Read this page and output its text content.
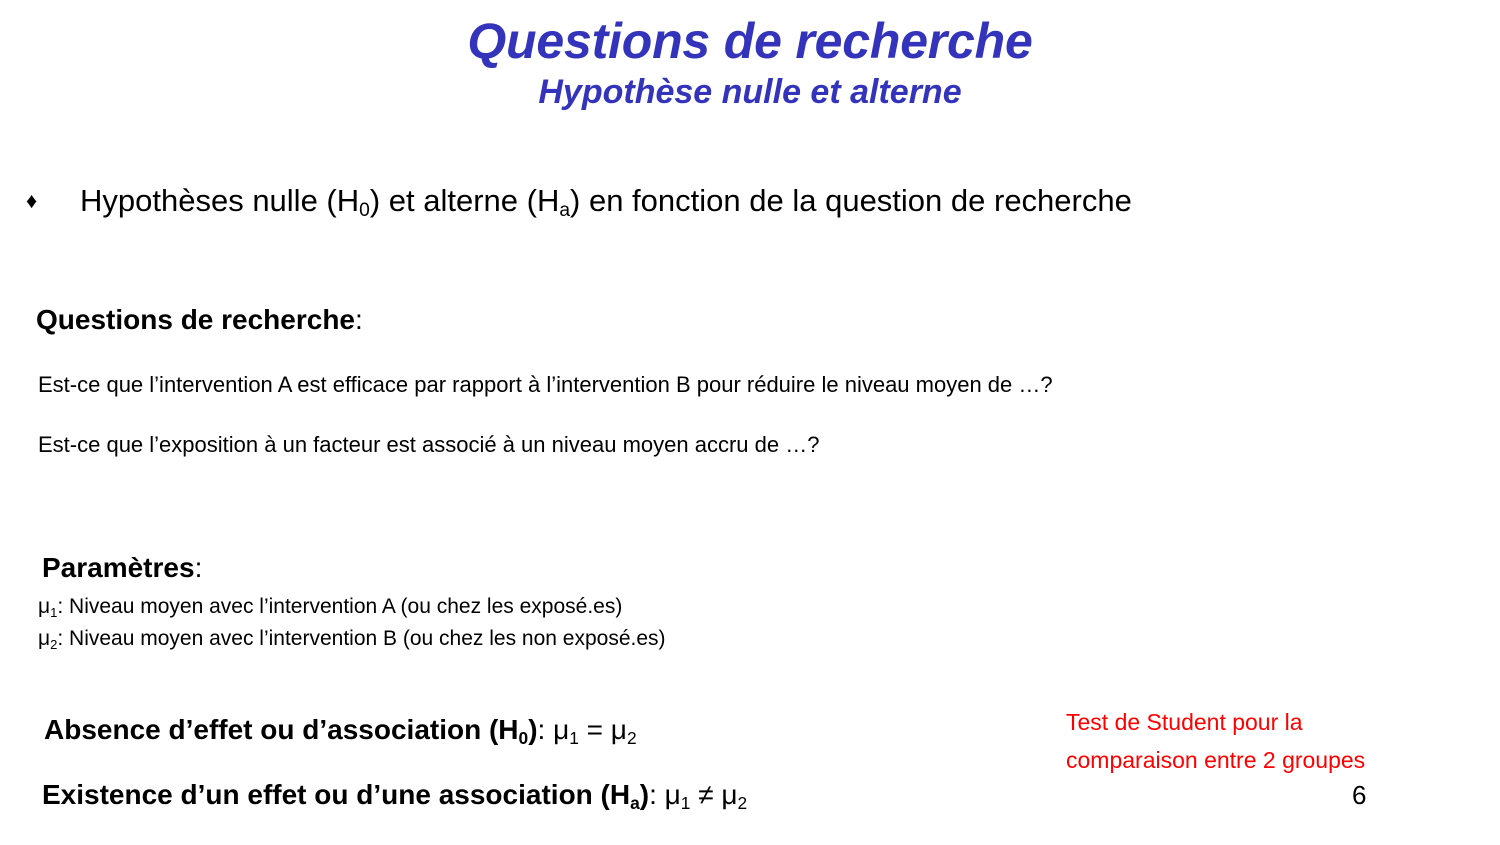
Questions de recherche
Hypothèse nulle et alterne
♦	Hypothèses nulle $(H_0)$ et alterne $(H_a)$ en fonction de la question de recherche
Questions de recherche:
Est-ce que l’intervention A est efficace par rapport à l’intervention B pour réduire le niveau moyen de …?
Est-ce que l’exposition à un facteur est associé à un niveau moyen accru de …?
Paramètres:
$\mu_1$: Niveau moyen avec l’intervention A (ou chez les exposé.es)
$\mu_2$: Niveau moyen avec l’intervention B (ou chez les non exposé.es)
Absence d’effet ou d’association $(H_0)$: $\mu_1 = \mu_2$
Existence d’un effet ou d’une association $(H_a)$: $\mu_1 \ne \mu_2$
Test de Student pour la comparaison entre 2 groupes
6
